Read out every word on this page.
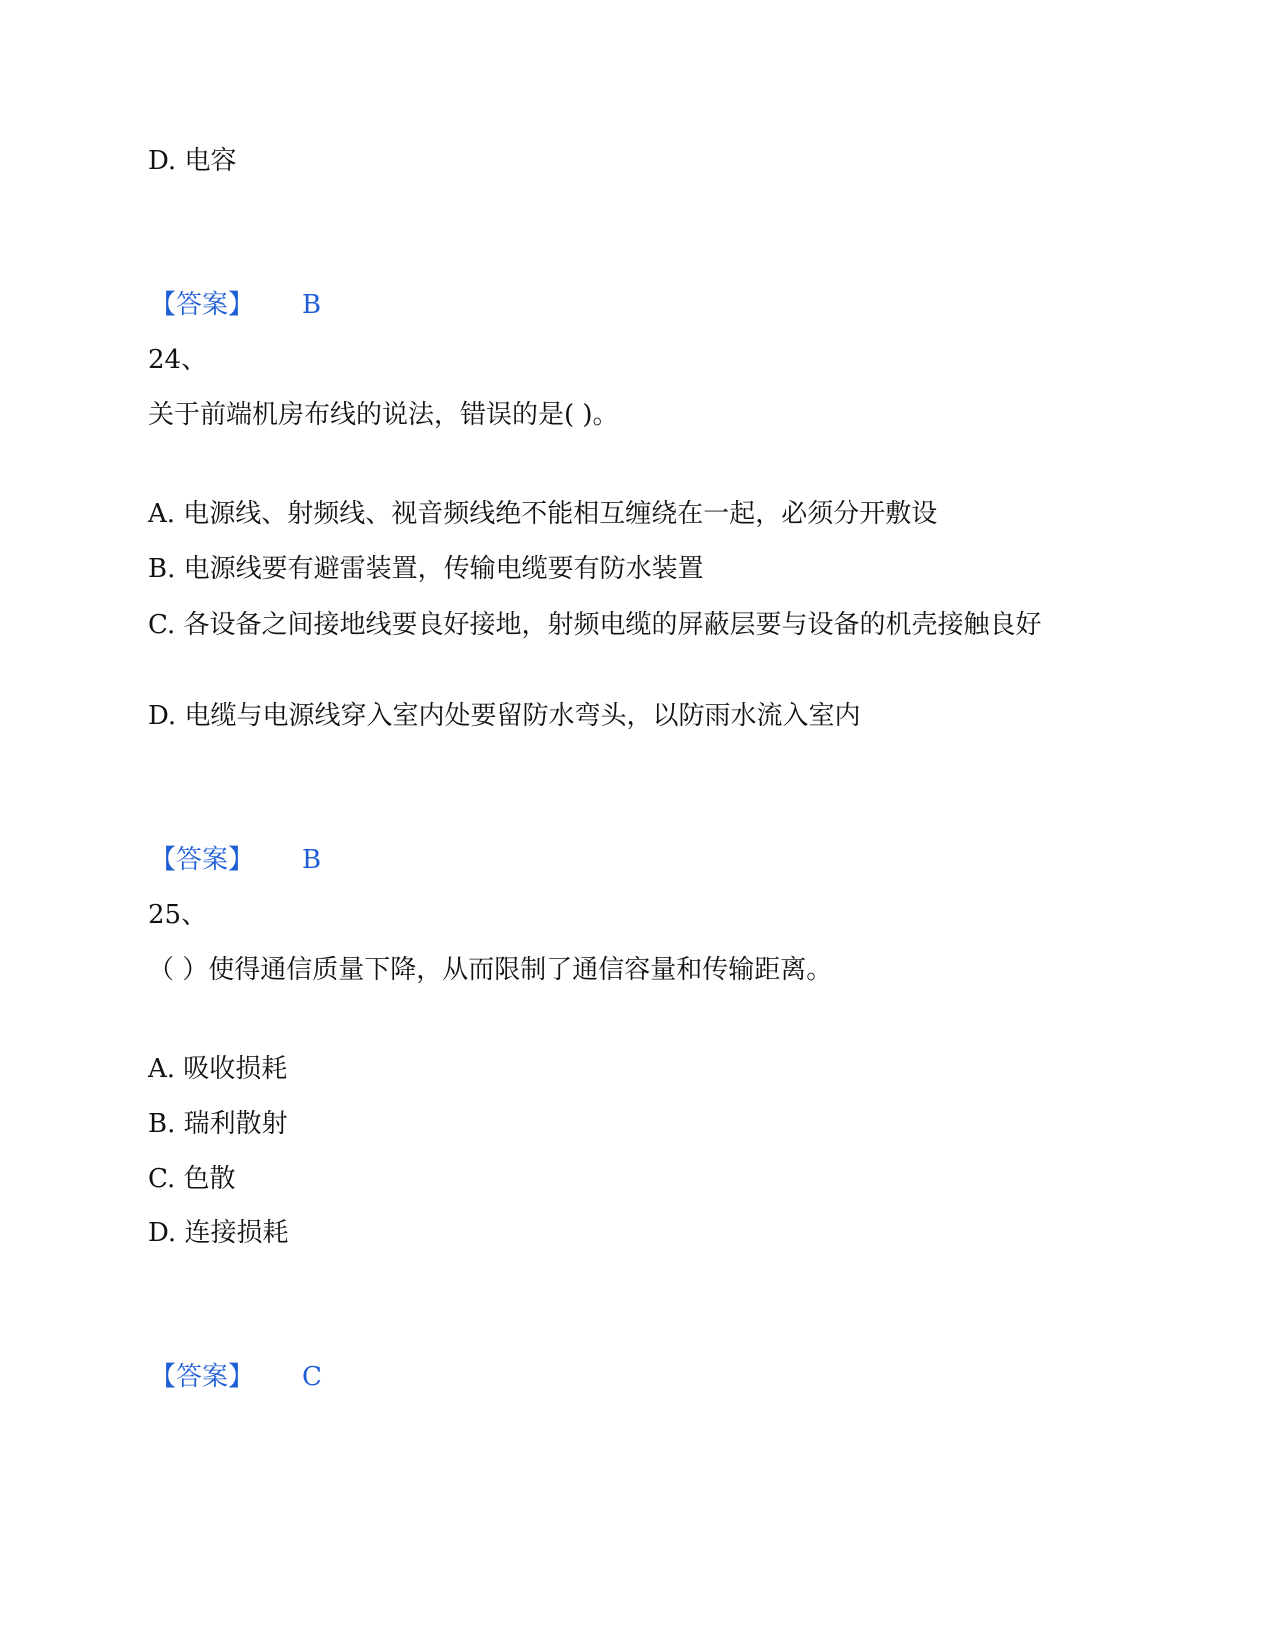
D. 电容
【答案】 B
24、
关于前端机房布线的说法，错误的是( )。
A. 电源线、射频线、视音频线绝不能相互缠绕在一起，必须分开敷设
B. 电源线要有避雷装置，传输电缆要有防水装置
C. 各设备之间接地线要良好接地，射频电缆的屏蔽层要与设备的机壳接触良好
D. 电缆与电源线穿入室内处要留防水弯头，以防雨水流入室内
【答案】 B
25、
（ ）使得通信质量下降，从而限制了通信容量和传输距离。
A. 吸收损耗
B. 瑞利散射
C. 色散
D. 连接损耗
【答案】 C
